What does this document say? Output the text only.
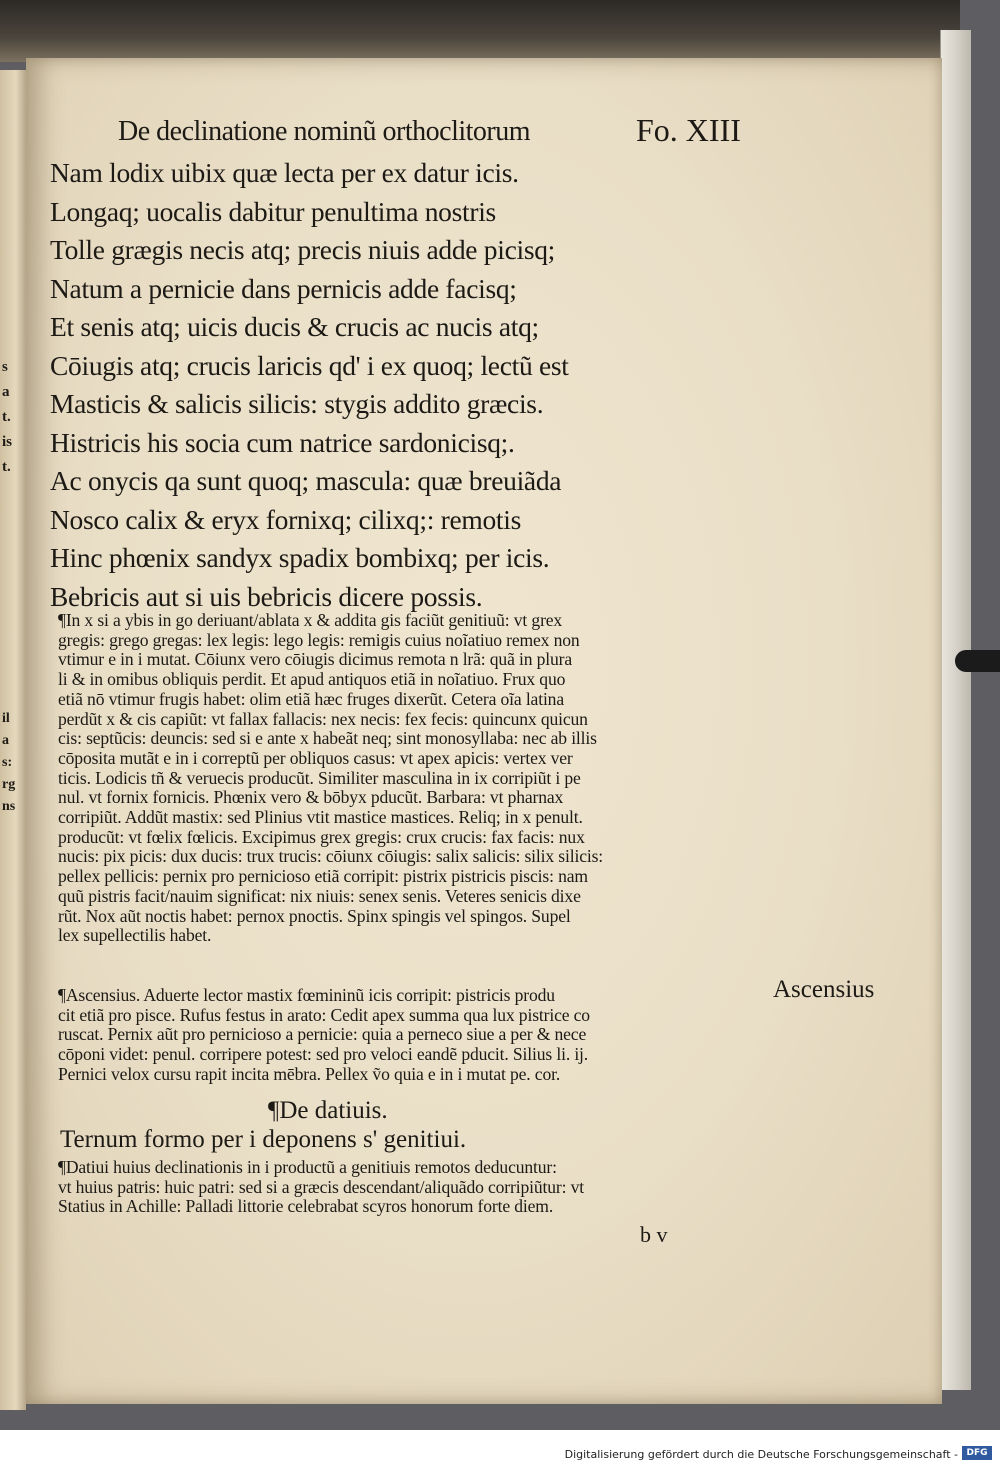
s
a
t.
is
t.
il
a
s:
rg
ns
De declinatione nominũ orthoclitorum	Fo. XIII
Nam lodix uibix quæ lecta per ex datur icis.
Longaq; uocalis dabitur penultima nostris
Tolle grægis necis atq; precis niuis adde picisq;
Natum a pernicie dans pernicis adde facisq;
Et senis atq; uicis ducis & crucis ac nucis atq;
Cōiugis atq; crucis laricis qd' i ex quoq; lectũ est
Masticis & salicis silicis: stygis addito græcis.
Histricis his socia cum natrice sardonicisq;.
Ac onycis qa sunt quoq; mascula: quæ breuiãda
Nosco calix & eryx fornixq; cilixq;: remotis
Hinc phœnix sandyx spadix bombixq; per icis.
Bebricis aut si uis bebricis dicere possis.
¶In x si a ybis in go deriuant/ablata x & addita gis faciũt genitiuũ: vt grex
gregis: grego gregas: lex legis: lego legis: remigis cuius noĩatiuo remex non
vtimur e in i mutat. Cōiunx vero cōiugis dicimus remota n lrã: quã in plura
li & in omibus obliquis perdit. Et apud antiquos etiã in noĩatiuo. Frux quo
etiã nō vtimur frugis habet: olim etiã hæc fruges dixerũt. Cetera oĩa latina
perdũt x & cis capiũt: vt fallax fallacis: nex necis: fex fecis: quincunx quicun
cis: septũcis: deuncis: sed si e ante x habeãt neq; sint monosyllaba: nec ab illis
cōposita mutãt e in i correptũ per obliquos casus: vt apex apicis: vertex ver
ticis. Lodicis tñ & veruecis producũt. Similiter masculina in ix corripiũt i pe
nul. vt fornix fornicis. Phœnix vero & bōbyx pducũt. Barbara: vt pharnax
corripiũt. Addũt mastix: sed Plinius vtit mastice mastices. Reliq; in x penult.
producũt: vt fœlix fœlicis. Excipimus grex gregis: crux crucis: fax facis: nux
nucis: pix picis: dux ducis: trux trucis: cōiunx cōiugis: salix salicis: silix silicis:
pellex pellicis: pernix pro pernicioso etiã corripit: pistrix pistricis piscis: nam
quũ pistris facit/nauim significat: nix niuis: senex senis. Veteres senicis dixe
rũt. Nox aũt noctis habet: pernox pnoctis. Spinx spingis vel spingos. Supel
lex supellectilis habet.
¶Ascensius. Aduerte lector mastix fœmininũ icis corripit: pistricis produ
cit etiã pro pisce. Rufus festus in arato: Cedit apex summa qua lux pistrice co
ruscat. Pernix aũt pro pernicioso a pernicie: quia a perneco siue a per & nece
cōponi videt: penul. corripere potest: sed pro veloci eandẽ pducit. Silius li. ij.
Pernici velox cursu rapit incita mēbra. Pellex ṽo quia e in i mutat pe. cor.
Ascensius
¶De datiuis.
Ternum formo per i deponens s' genitiui.
¶Datiui huius declinationis in i productũ a genitiuis remotos deducuntur:
vt huius patris: huic patri: sed si a græcis descendant/aliquãdo corripiũtur: vt
Statius in Achille: Palladi littorie celebrabat scyros honorum forte diem.
b v
Digitalisierung gefördert durch die Deutsche Forschungsgemeinschaft - DFG
